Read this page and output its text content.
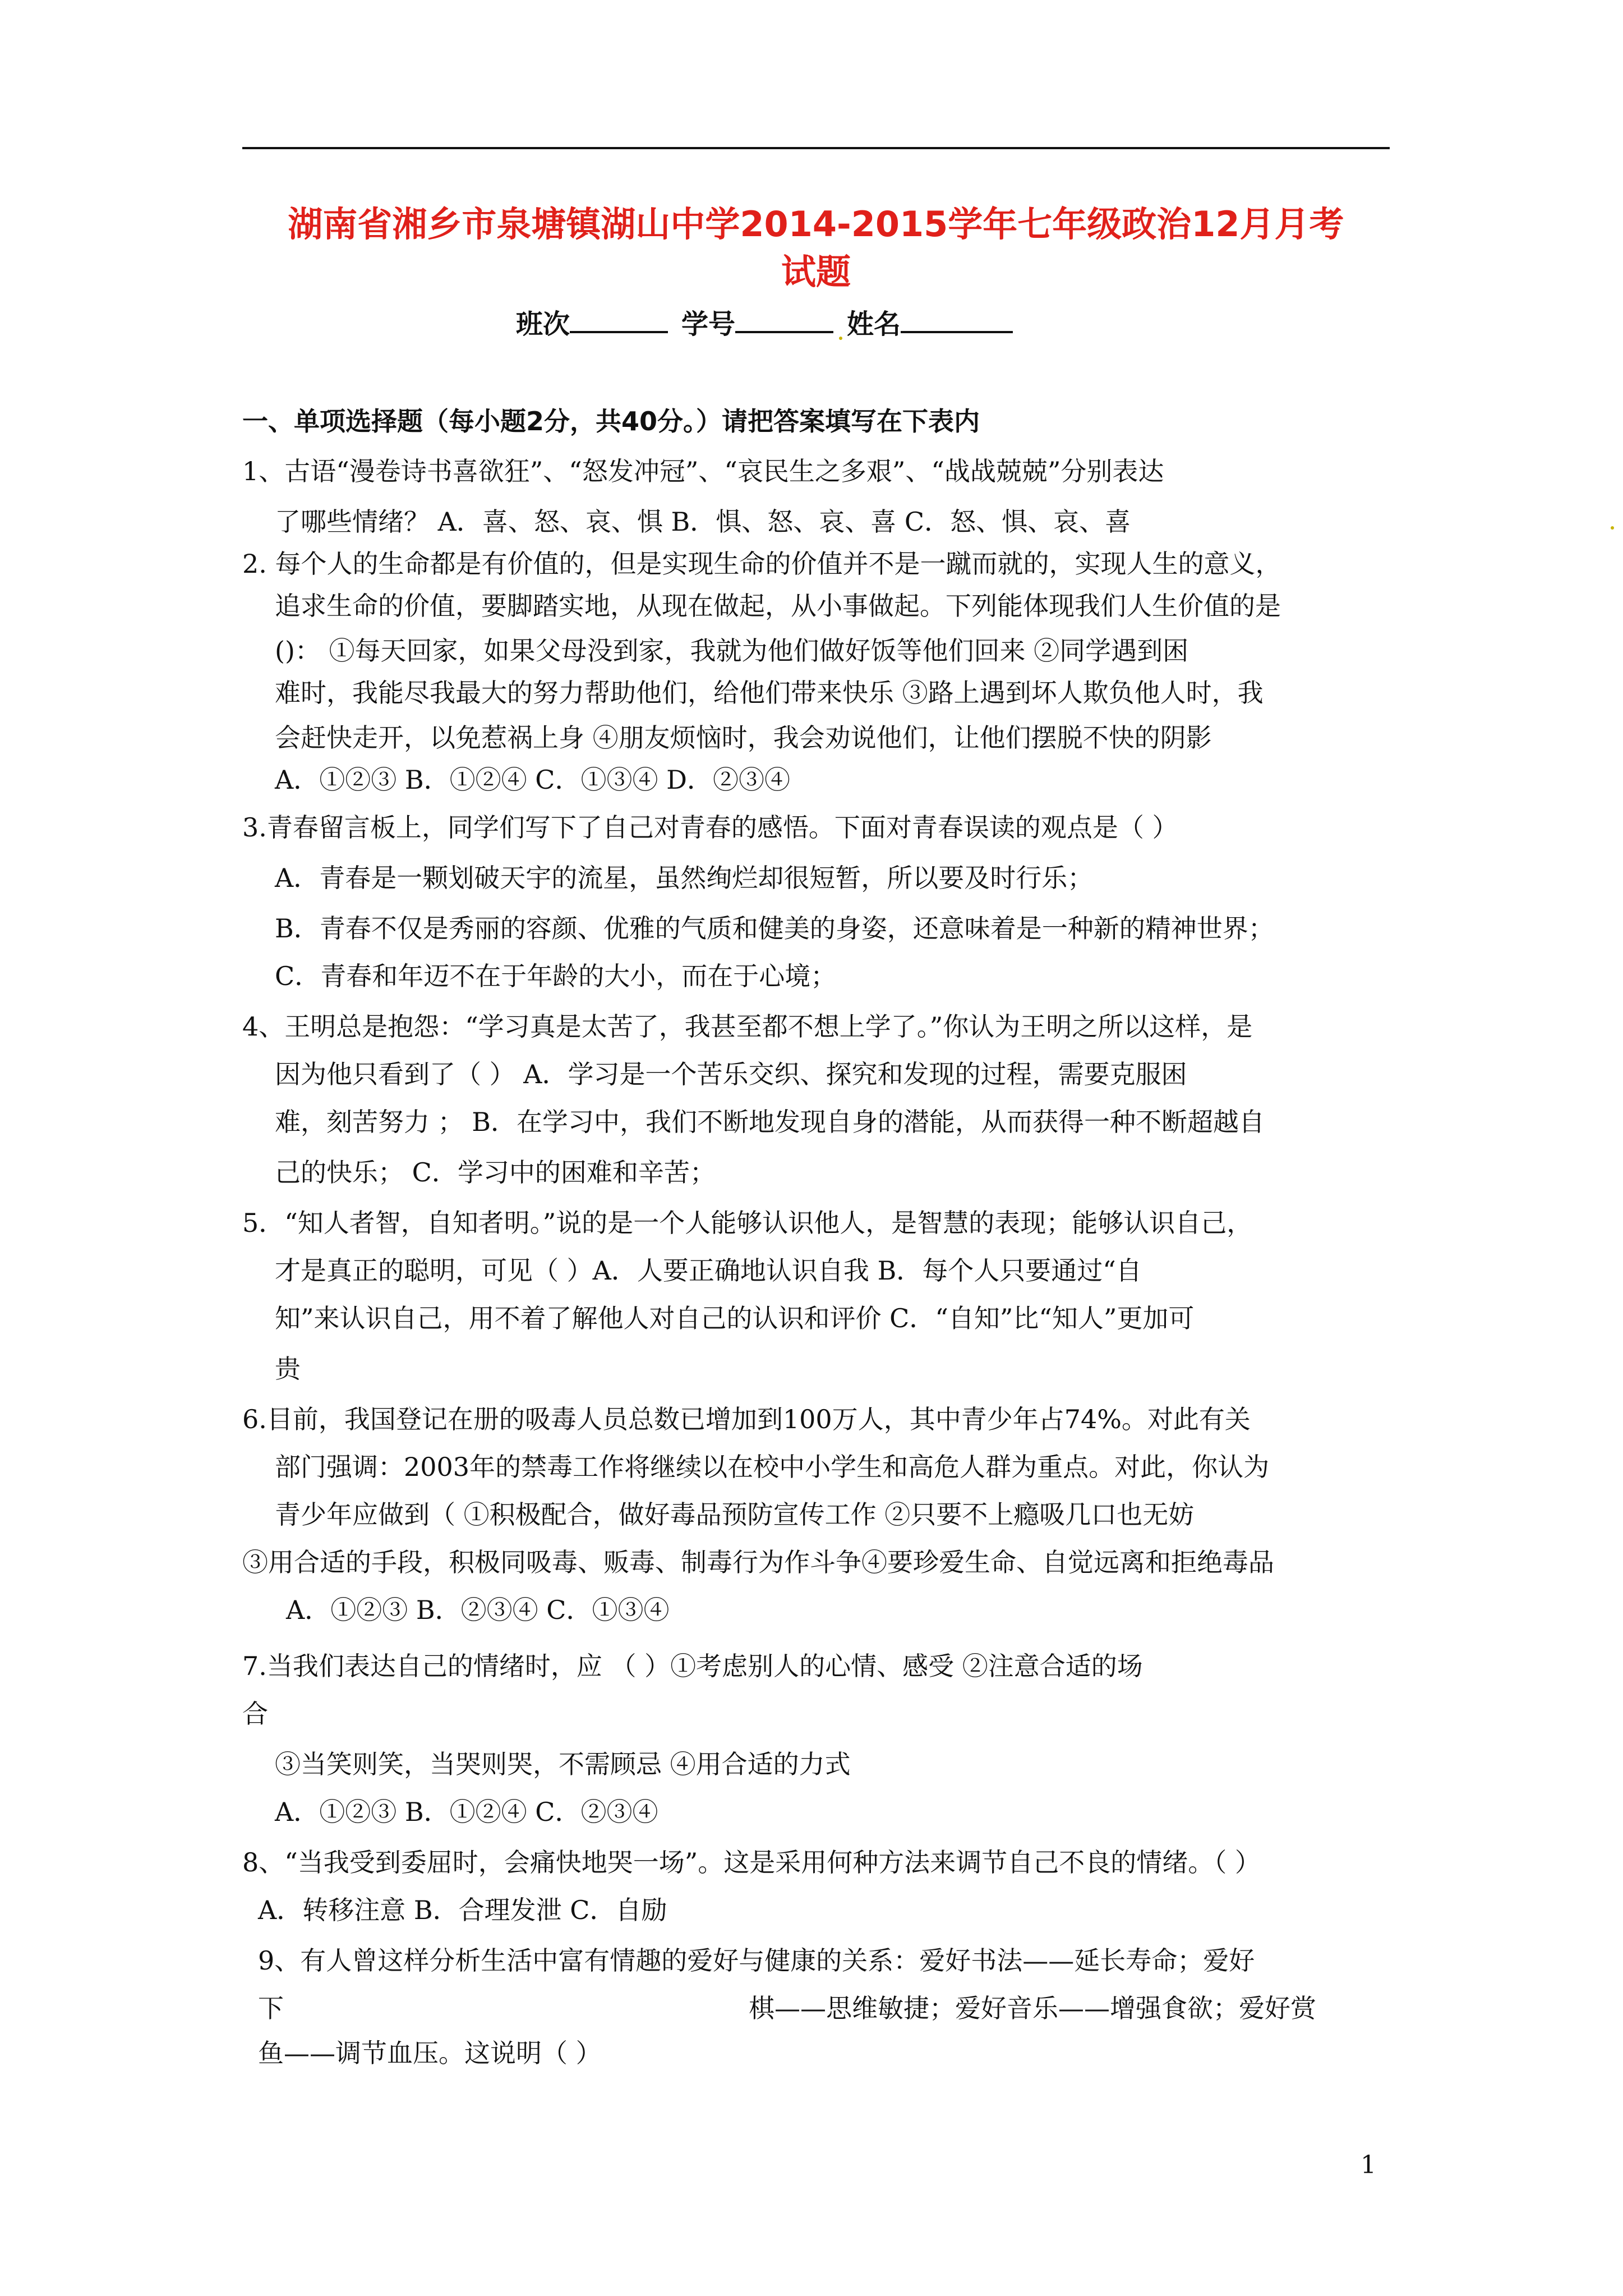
湖南省湘乡市泉塘镇湖山中学2014-2015学年七年级政治12月月考
试题
班次	学号	姓名
一、单项选择题（每小题2分，共40分。）请把答案填写在下表内
1、古语“漫卷诗书喜欲狂”、“怒发冲冠”、“哀民生之多艰”、“战战兢兢”分别表达
了哪些情绪？ A．喜、怒、哀、惧 B．惧、怒、哀、喜 C．怒、惧、哀、喜
2. 每个人的生命都是有价值的，但是实现生命的价值并不是一蹴而就的，实现人生的意义，
追求生命的价值，要脚踏实地，从现在做起，从小事做起。下列能体现我们人生价值的是
()： ①每天回家，如果父母没到家，我就为他们做好饭等他们回来 ②同学遇到困
难时，我能尽我最大的努力帮助他们，给他们带来快乐 ③路上遇到坏人欺负他人时，我
会赶快走开，以免惹祸上身 ④朋友烦恼时，我会劝说他们，让他们摆脱不快的阴影
A．①②③ B．①②④ C．①③④ D．②③④
3.青春留言板上，同学们写下了自己对青春的感悟。下面对青春误读的观点是（ ）
A．青春是一颗划破天宇的流星，虽然绚烂却很短暂，所以要及时行乐；
B．青春不仅是秀丽的容颜、优雅的气质和健美的身姿，还意味着是一种新的精神世界；
C．青春和年迈不在于年龄的大小，而在于心境；
4、王明总是抱怨：“学习真是太苦了，我甚至都不想上学了。”你认为王明之所以这样，是
因为他只看到了（ ） A．学习是一个苦乐交织、探究和发现的过程，需要克服困
难，刻苦努力 ； B．在学习中，我们不断地发现自身的潜能，从而获得一种不断超越自
己的快乐； C．学习中的困难和辛苦；
5．“知人者智，自知者明。”说的是一个人能够认识他人，是智慧的表现；能够认识自己，
才是真正的聪明，可见（ ）A．人要正确地认识自我 B．每个人只要通过“自
知”来认识自己，用不着了解他人对自己的认识和评价 C．“自知”比“知人”更加可
贵
6.目前，我国登记在册的吸毒人员总数已增加到100万人，其中青少年占74%。对此有关
部门强调：2003年的禁毒工作将继续以在校中小学生和高危人群为重点。对此，你认为
青少年应做到（ ①积极配合，做好毒品预防宣传工作 ②只要不上瘾吸几口也无妨
③用合适的手段，积极同吸毒、贩毒、制毒行为作斗争④要珍爱生命、自觉远离和拒绝毒品
A．①②③ B．②③④ C．①③④
7.当我们表达自己的情绪时，应 （ ）①考虑别人的心情、感受 ②注意合适的场
合
③当笑则笑，当哭则哭，不需顾忌 ④用合适的力式
A．①②③ B．①②④ C．②③④
8、“当我受到委屈时，会痛快地哭一场”。这是采用何种方法来调节自己不良的情绪。（ ）
A．转移注意 B．合理发泄 C．自励
9、有人曾这样分析生活中富有情趣的爱好与健康的关系：爱好书法——延长寿命；爱好
下	棋——思维敏捷；爱好音乐——增强食欲；爱好赏
鱼——调节血压。这说明（ ）
1
